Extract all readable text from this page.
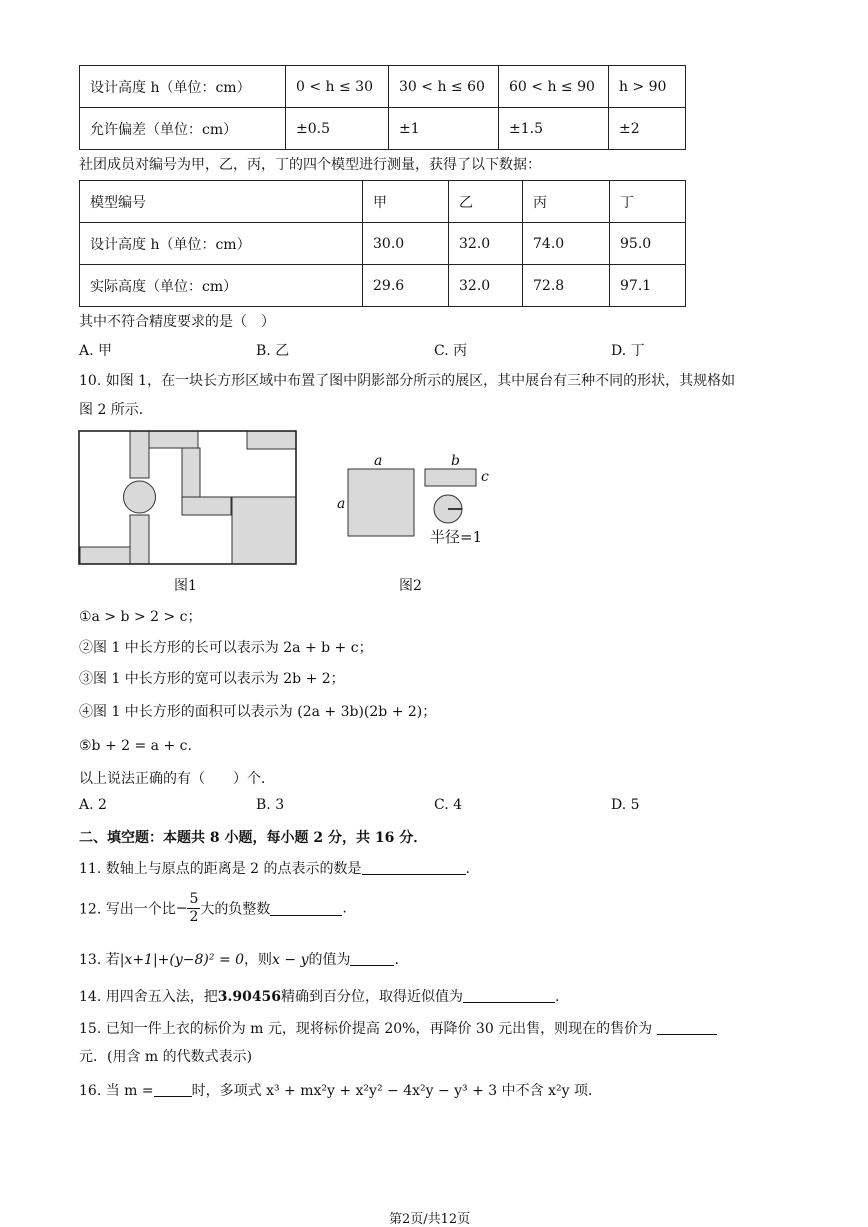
设计高度 h（单位：cm）	0 < h ≤ 30	30 < h ≤ 60	60 < h ≤ 90	h > 90
允许偏差（单位：cm）	±0.5	±1	±1.5	±2
社团成员对编号为甲，乙，丙，丁的四个模型进行测量，获得了以下数据：
模型编号	甲	乙	丙	丁
设计高度 h（单位：cm）	30.0	32.0	74.0	95.0
实际高度（单位：cm）	29.6	32.0	72.8	97.1
其中不符合精度要求的是（　）
A. 甲	B. 乙	C. 丙	D. 丁
10. 如图 1，在一块长方形区域中布置了图中阴影部分所示的展区，其中展台有三种不同的形状，其规格如
图 2 所示．
图1
a
a
b
c
半径=1
图2
①a > b > 2 > c；
②图 1 中长方形的长可以表示为 2a + b + c；
③图 1 中长方形的宽可以表示为 2b + 2；
④图 1 中长方形的面积可以表示为 (2a + 3b)(2b + 2)；
⑤b + 2 = a + c.
以上说法正确的有（　　）个．
A. 2	B. 3	C. 4	D. 5
二、填空题：本题共 8 小题，每小题 2 分，共 16 分．
11. 数轴上与原点的距离是 2 的点表示的数是	.
12. 写出一个比− $\frac{5}{2}$ 大的负整数	.
13. 若|x+1|+(y−8)² = 0，则x − y的值为	.
14. 用四舍五入法，把3.90456精确到百分位，取得近似值为	.
15. 已知一件上衣的标价为 m 元，现将标价提高 20%，再降价 30 元出售，则现在的售价为
元．(用含 m 的代数式表示)
16. 当 m =	时，多项式 x³ + mx²y + x²y² − 4x²y − y³ + 3 中不含 x²y 项．
第2页/共12页
